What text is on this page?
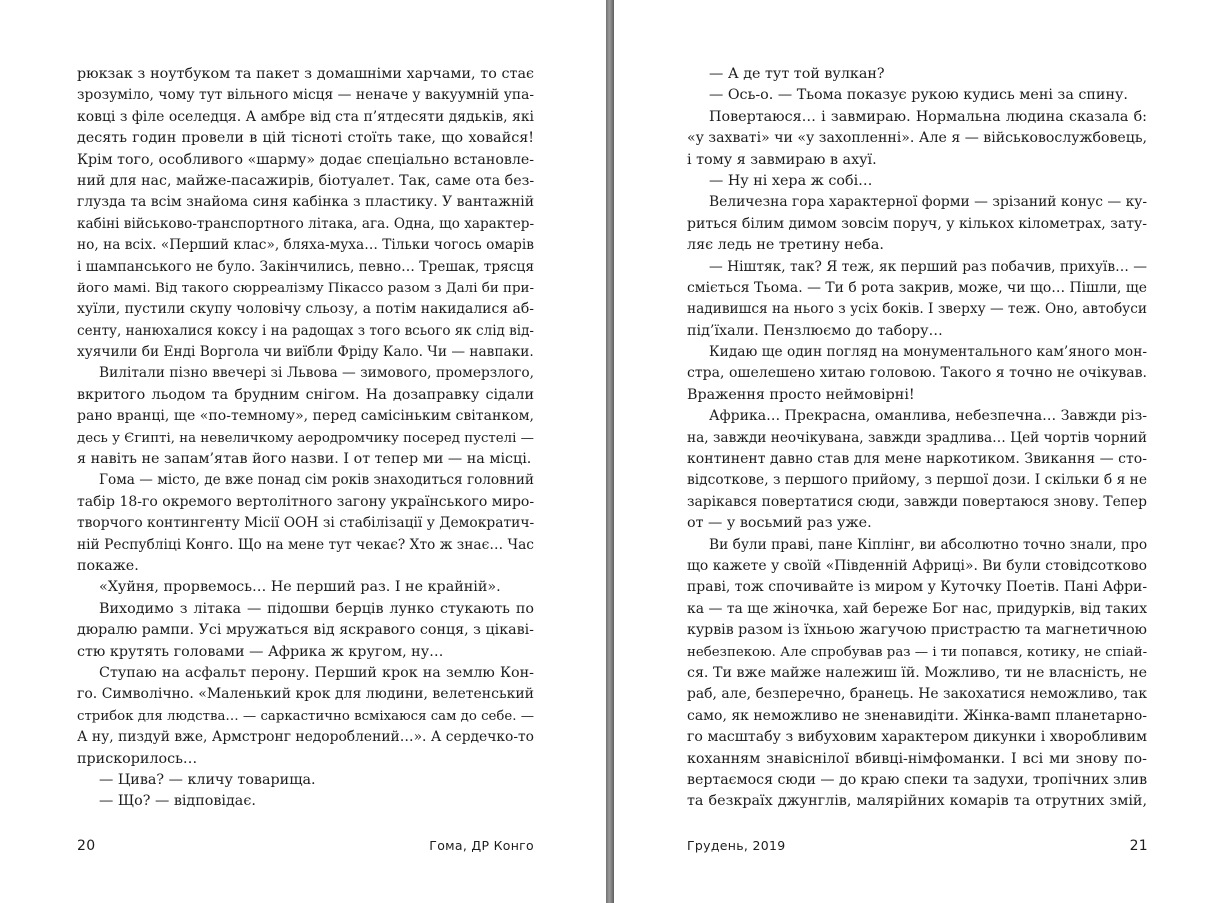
рюкзак з ноутбуком та пакет з домашніми харчами, то стає
зрозуміло, чому тут вільного місця — неначе у вакуумній упа-
ковці з філе оселедця. А амбре від ста п’ятдесяти дядьків, які
десять годин провели в цій тісноті стоїть таке, що ховайся!
Крім того, особливого «шарму» додає спеціально встановле-
ний для нас, майже-пасажирів, біотуалет. Так, саме ота без-
глузда та всім знайома синя кабінка з пластику. У вантажній
кабіні військово-транспортного літака, ага. Одна, що характер-
но, на всіх. «Перший клас», бляха-муха… Тільки чогось омарів
і шампанського не було. Закінчились, певно… Трешак, трясця
його мамі. Від такого сюрреалізму Пікассо разом з Далі би при-
хуїли, пустили скупу чоловічу сльозу, а потім накидалися аб-
сенту, нанюхалися коксу і на радощах з того всього як слід від-
хуячили би Енді Воргола чи виїбли Фріду Кало. Чи — навпаки.
Вилітали пізно ввечері зі Львова — зимового, промерзлого,
вкритого льодом та брудним снігом. На дозаправку сідали
рано вранці, ще «по-темному», перед самісіньким світанком,
десь у Єгипті, на невеличкому аеродромчику посеред пустелі —
я навіть не запам’ятав його назви. І от тепер ми — на місці.
Гома — місто, де вже понад сім років знаходиться головний
табір 18-го окремого вертолітного загону українського миро-
творчого контингенту Місії ООН зі стабілізації у Демократич-
ній Республіці Конго. Що на мене тут чекає? Хто ж знає… Час
покаже.
«Хуйня, прорвемось… Не перший раз. І не крайній».
Виходимо з літака — підошви берців лунко стукають по
дюралю рампи. Усі мружаться від яскравого сонця, з цікаві-
стю крутять головами — Африка ж кругом, ну…
Ступаю на асфальт перону. Перший крок на землю Кон-
го. Символічно. «Маленький крок для людини, велетенський
стрибок для людства… — саркастично всміхаюся сам до себе. —
А ну, пиздуй вже, Армстронг недороблений…». А сердечко-то
прискорилось…
— Цива? — кличу товарища.
— Що? — відповідає.
20	Гома, ДР Конго
— А де тут той вулкан?
— Ось-о. — Тьома показує рукою кудись мені за спину.
Повертаюся… і завмираю. Нормальна людина сказала б:
«у захваті» чи «у захопленні». Але я — військовослужбовець,
і тому я завмираю в ахуї.
— Ну ні хера ж собі…
Величезна гора характерної форми — зрізаний конус — ку-
риться білим димом зовсім поруч, у кількох кілометрах, зату-
ляє ледь не третину неба.
— Ніштяк, так? Я теж, як перший раз побачив, прихуїв… —
сміється Тьома. — Ти б рота закрив, може, чи що… Пішли, ще
надивишся на нього з усіх боків. І зверху — теж. Оно, автобуси
під’їхали. Пензлюємо до табору…
Кидаю ще один погляд на монументального кам’яного мон-
стра, ошелешено хитаю головою. Такого я точно не очікував.
Враження просто неймовірні!
Африка… Прекрасна, оманлива, небезпечна… Завжди різ-
на, завжди неочікувана, завжди зрадлива… Цей чортів чорний
континент давно став для мене наркотиком. Звикання — сто-
відсоткове, з першого прийому, з першої дози. І скільки б я не
зарікався повертатися сюди, завжди повертаюся знову. Тепер
от — у восьмий раз уже.
Ви були праві, пане Кіплінг, ви абсолютно точно знали, про
що кажете у своїй «Південній Африці». Ви були стовідсотково
праві, тож спочивайте із миром у Куточку Поетів. Пані Афри-
ка — та ще жіночка, хай береже Бог нас, придурків, від таких
курвів разом із їхньою жагучою пристрастю та магнетичною
небезпекою. Але спробував раз — і ти попався, котику, не спіай-
ся. Ти вже майже належиш їй. Можливо, ти не власність, не
раб, але, безперечно, бранець. Не закохатися неможливо, так
само, як неможливо не зненавидіти. Жінка-вамп планетарно-
го масштабу з вибуховим характером дикунки і хворобливим
коханням знавіснілої вбивці-німфоманки. І всі ми знову по-
вертаємося сюди — до краю спеки та задухи, тропічних злив
та безкраїх джунглів, малярійних комарів та отрутних змій,
Грудень, 2019	21
